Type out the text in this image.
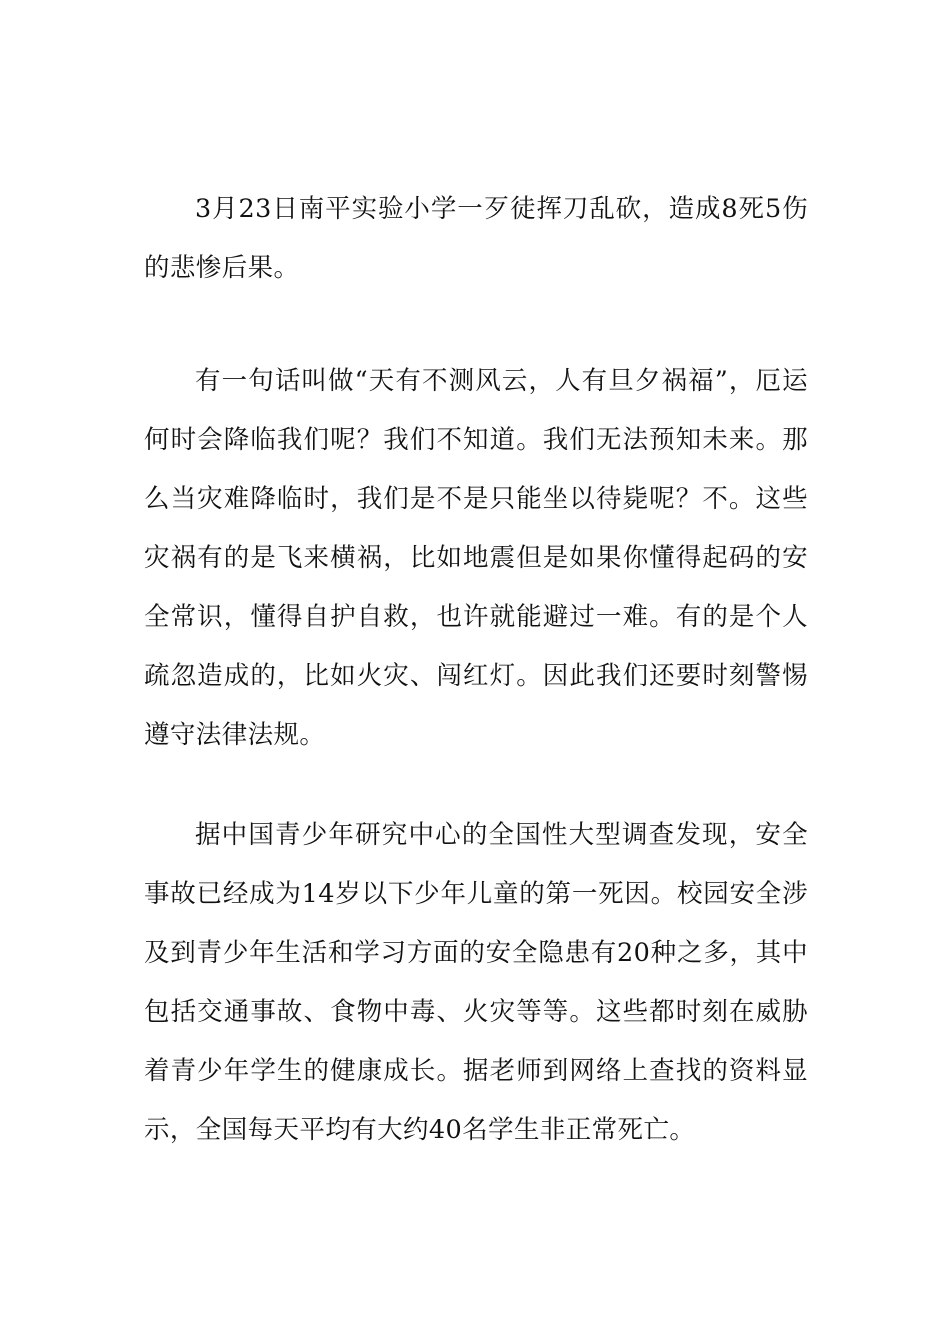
3月23日南平实验小学一歹徒挥刀乱砍，造成8死5伤的悲惨后果。

有一句话叫做“天有不测风云，人有旦夕祸福”，厄运何时会降临我们呢？我们不知道。我们无法预知未来。那么当灾难降临时，我们是不是只能坐以待毙呢？不。这些灾祸有的是飞来横祸，比如地震但是如果你懂得起码的安全常识，懂得自护自救，也许就能避过一难。有的是个人疏忽造成的，比如火灾、闯红灯。因此我们还要时刻警惕遵守法律法规。

据中国青少年研究中心的全国性大型调查发现，安全事故已经成为14岁以下少年儿童的第一死因。校园安全涉及到青少年生活和学习方面的安全隐患有20种之多，其中包括交通事故、食物中毒、火灾等等。这些都时刻在威胁着青少年学生的健康成长。据老师到网络上查找的资料显示，全国每天平均有大约40名学生非正常死亡。
